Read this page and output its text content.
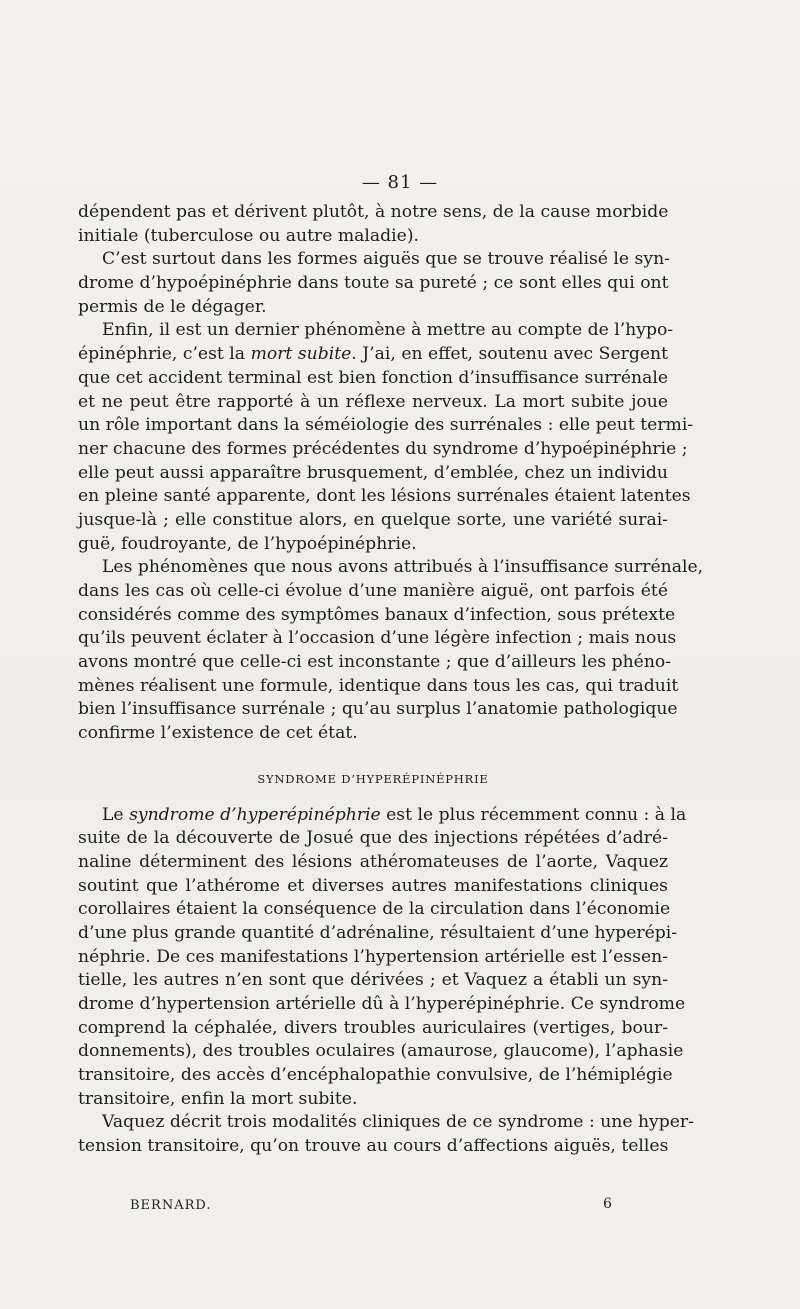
— 81 —
dépendent pas et dérivent plutôt, à notre sens, de la cause morbide
initiale (tuberculose ou autre maladie).
C’est surtout dans les formes aiguës que se trouve réalisé le syn-
drome d’hypoépinéphrie dans toute sa pureté ; ce sont elles qui ont
permis de le dégager.
Enfin, il est un dernier phénomène à mettre au compte de l’hypo-
épinéphrie, c’est la mort subite. J’ai, en effet, soutenu avec Sergent
que cet accident terminal est bien fonction d’insuffisance surrénale
et ne peut être rapporté à un réflexe nerveux. La mort subite joue
un rôle important dans la séméiologie des surrénales : elle peut termi-
ner chacune des formes précédentes du syndrome d’hypoépinéphrie ;
elle peut aussi apparaître brusquement, d’emblée, chez un individu
en pleine santé apparente, dont les lésions surrénales étaient latentes
jusque-là ; elle constitue alors, en quelque sorte, une variété surai-
guë, foudroyante, de l’hypoépinéphrie.
Les phénomènes que nous avons attribués à l’insuffisance surrénale,
dans les cas où celle-ci évolue d’une manière aiguë, ont parfois été
considérés comme des symptômes banaux d’infection, sous prétexte
qu’ils peuvent éclater à l’occasion d’une légère infection ; mais nous
avons montré que celle-ci est inconstante ; que d’ailleurs les phéno-
mènes réalisent une formule, identique dans tous les cas, qui traduit
bien l’insuffisance surrénale ; qu’au surplus l’anatomie pathologique
confirme l’existence de cet état.
SYNDROME D’HYPERÉPINÉPHRIE
Le syndrome d’hyperépinéphrie est le plus récemment connu : à la
suite de la découverte de Josué que des injections répétées d’adré-
naline déterminent des lésions athéromateuses de l’aorte, Vaquez
soutint que l’athérome et diverses autres manifestations cliniques
corollaires étaient la conséquence de la circulation dans l’économie
d’une plus grande quantité d’adrénaline, résultaient d’une hyperépi-
néphrie. De ces manifestations l’hypertension artérielle est l’essen-
tielle, les autres n’en sont que dérivées ; et Vaquez a établi un syn-
drome d’hypertension artérielle dû à l’hyperépinéphrie. Ce syndrome
comprend la céphalée, divers troubles auriculaires (vertiges, bour-
donnements), des troubles oculaires (amaurose, glaucome), l’aphasie
transitoire, des accès d’encéphalopathie convulsive, de l’hémiplégie
transitoire, enfin la mort subite.
Vaquez décrit trois modalités cliniques de ce syndrome : une hyper-
tension transitoire, qu’on trouve au cours d’affections aiguës, telles
BERNARD.	6
